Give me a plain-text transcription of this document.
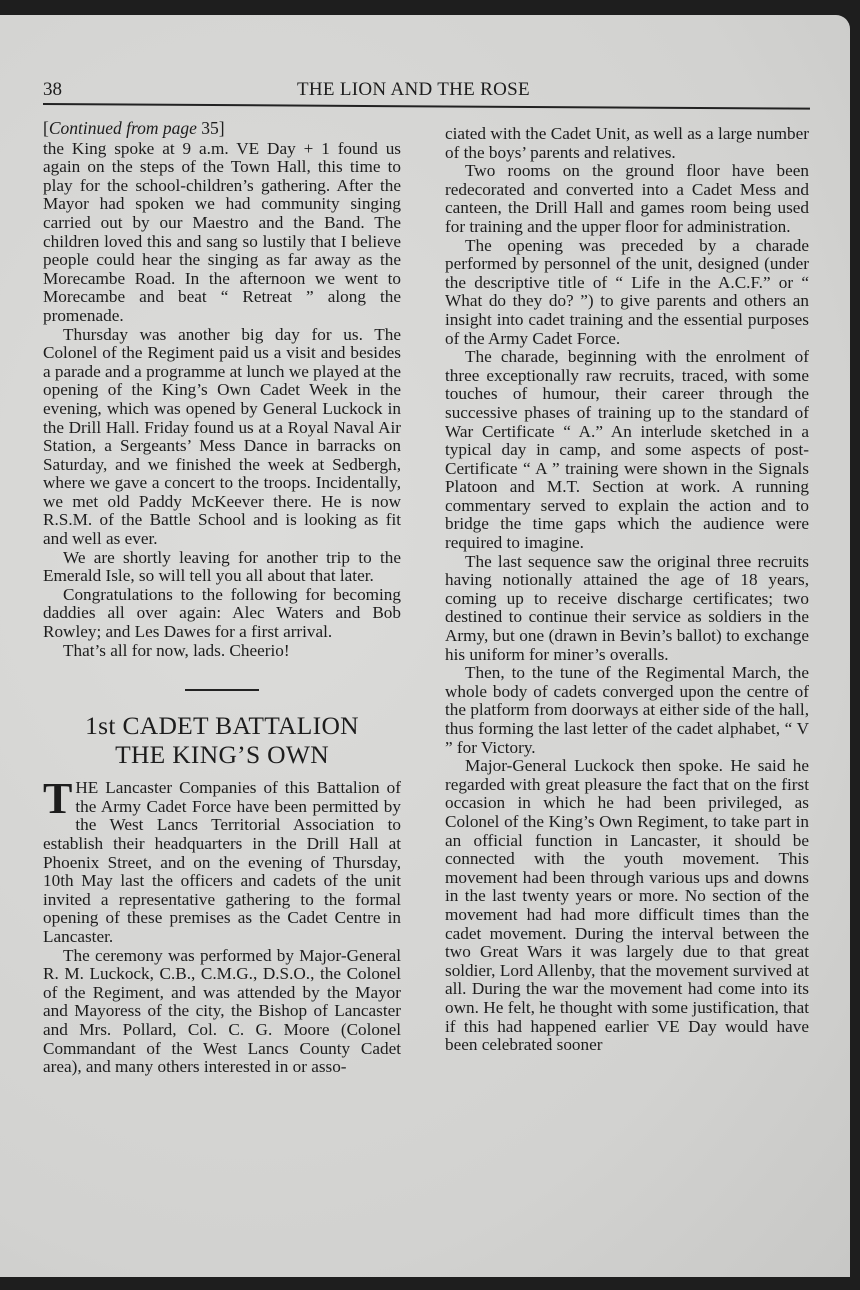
38	THE LION AND THE ROSE
[Continued from page 35]

the King spoke at 9 a.m. VE Day + 1 found us again on the steps of the Town Hall, this time to play for the school-children’s gathering. After the Mayor had spoken we had community singing carried out by our Maestro and the Band. The children loved this and sang so lustily that I believe people could hear the singing as far away as the Morecambe Road. In the afternoon we went to Morecambe and beat “ Retreat ” along the promenade.

Thursday was another big day for us. The Colonel of the Regiment paid us a visit and besides a parade and a programme at lunch we played at the opening of the King’s Own Cadet Week in the evening, which was opened by General Luckock in the Drill Hall. Friday found us at a Royal Naval Air Station, a Sergeants’ Mess Dance in barracks on Saturday, and we finished the week at Sedbergh, where we gave a concert to the troops. Incidentally, we met old Paddy McKeever there. He is now R.S.M. of the Battle School and is looking as fit and well as ever.

We are shortly leaving for another trip to the Emerald Isle, so will tell you all about that later.

Congratulations to the following for becoming daddies all over again: Alec Waters and Bob Rowley; and Les Dawes for a first arrival.

That’s all for now, lads. Cheerio!

1st CADET BATTALION
THE KING’S OWN

THE Lancaster Companies of this Battalion of the Army Cadet Force have been permitted by the West Lancs Territorial Association to establish their headquarters in the Drill Hall at Phoenix Street, and on the evening of Thursday, 10th May last the officers and cadets of the unit invited a representative gathering to the formal opening of these premises as the Cadet Centre in Lancaster.

The ceremony was performed by Major-General R. M. Luckock, C.B., C.M.G., D.S.O., the Colonel of the Regiment, and was attended by the Mayor and Mayoress of the city, the Bishop of Lancaster and Mrs. Pollard, Col. C. G. Moore (Colonel Commandant of the West Lancs County Cadet area), and many others interested in or asso-

ciated with the Cadet Unit, as well as a large number of the boys’ parents and relatives.

Two rooms on the ground floor have been redecorated and converted into a Cadet Mess and canteen, the Drill Hall and games room being used for training and the upper floor for administration.

The opening was preceded by a charade performed by personnel of the unit, designed (under the descriptive title of “ Life in the A.C.F.” or “ What do they do? ”) to give parents and others an insight into cadet training and the essential purposes of the Army Cadet Force.

The charade, beginning with the enrolment of three exceptionally raw recruits, traced, with some touches of humour, their career through the successive phases of training up to the standard of War Certificate “ A.” An interlude sketched in a typical day in camp, and some aspects of post-Certificate “ A ” training were shown in the Signals Platoon and M.T. Section at work. A running commentary served to explain the action and to bridge the time gaps which the audience were required to imagine.

The last sequence saw the original three recruits having notionally attained the age of 18 years, coming up to receive discharge certificates; two destined to continue their service as soldiers in the Army, but one (drawn in Bevin’s ballot) to exchange his uniform for miner’s overalls.

Then, to the tune of the Regimental March, the whole body of cadets converged upon the centre of the platform from doorways at either side of the hall, thus forming the last letter of the cadet alphabet, “ V ” for Victory.

Major-General Luckock then spoke. He said he regarded with great pleasure the fact that on the first occasion in which he had been privileged, as Colonel of the King’s Own Regiment, to take part in an official function in Lancaster, it should be connected with the youth movement. This movement had been through various ups and downs in the last twenty years or more. No section of the movement had had more difficult times than the cadet movement. During the interval between the two Great Wars it was largely due to that great soldier, Lord Allenby, that the movement survived at all. During the war the movement had come into its own. He felt, he thought with some justification, that if this had happened earlier VE Day would have been celebrated sooner
